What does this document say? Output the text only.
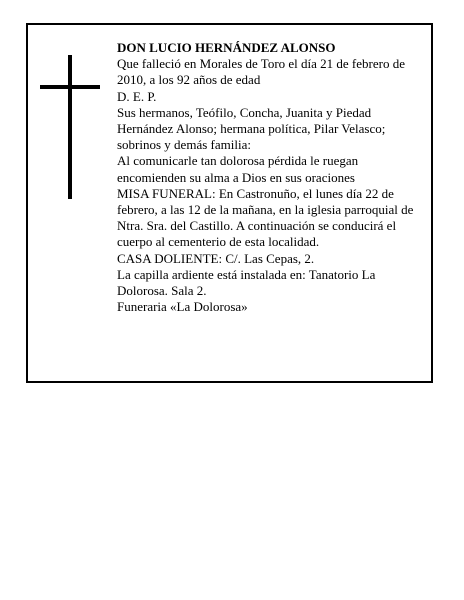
DON LUCIO HERNÁNDEZ ALONSO

Que falleció en Morales de Toro el día 21 de febrero de 2010, a los 92 años de edad

D. E. P.

Sus hermanos, Teófilo, Concha, Juanita y Piedad Hernández Alonso; hermana política, Pilar Velasco; sobrinos y demás familia:

Al comunicarle tan dolorosa pérdida le ruegan encomienden su alma a Dios en sus oraciones

MISA FUNERAL: En Castronuño, el lunes día 22 de febrero, a las 12 de la mañana, en la iglesia parroquial de Ntra. Sra. del Castillo. A continuación se conducirá el cuerpo al cementerio de esta localidad.

CASA DOLIENTE: C/. Las Cepas, 2.

La capilla ardiente está instalada en: Tanatorio La Dolorosa. Sala 2.

Funeraria «La Dolorosa»
